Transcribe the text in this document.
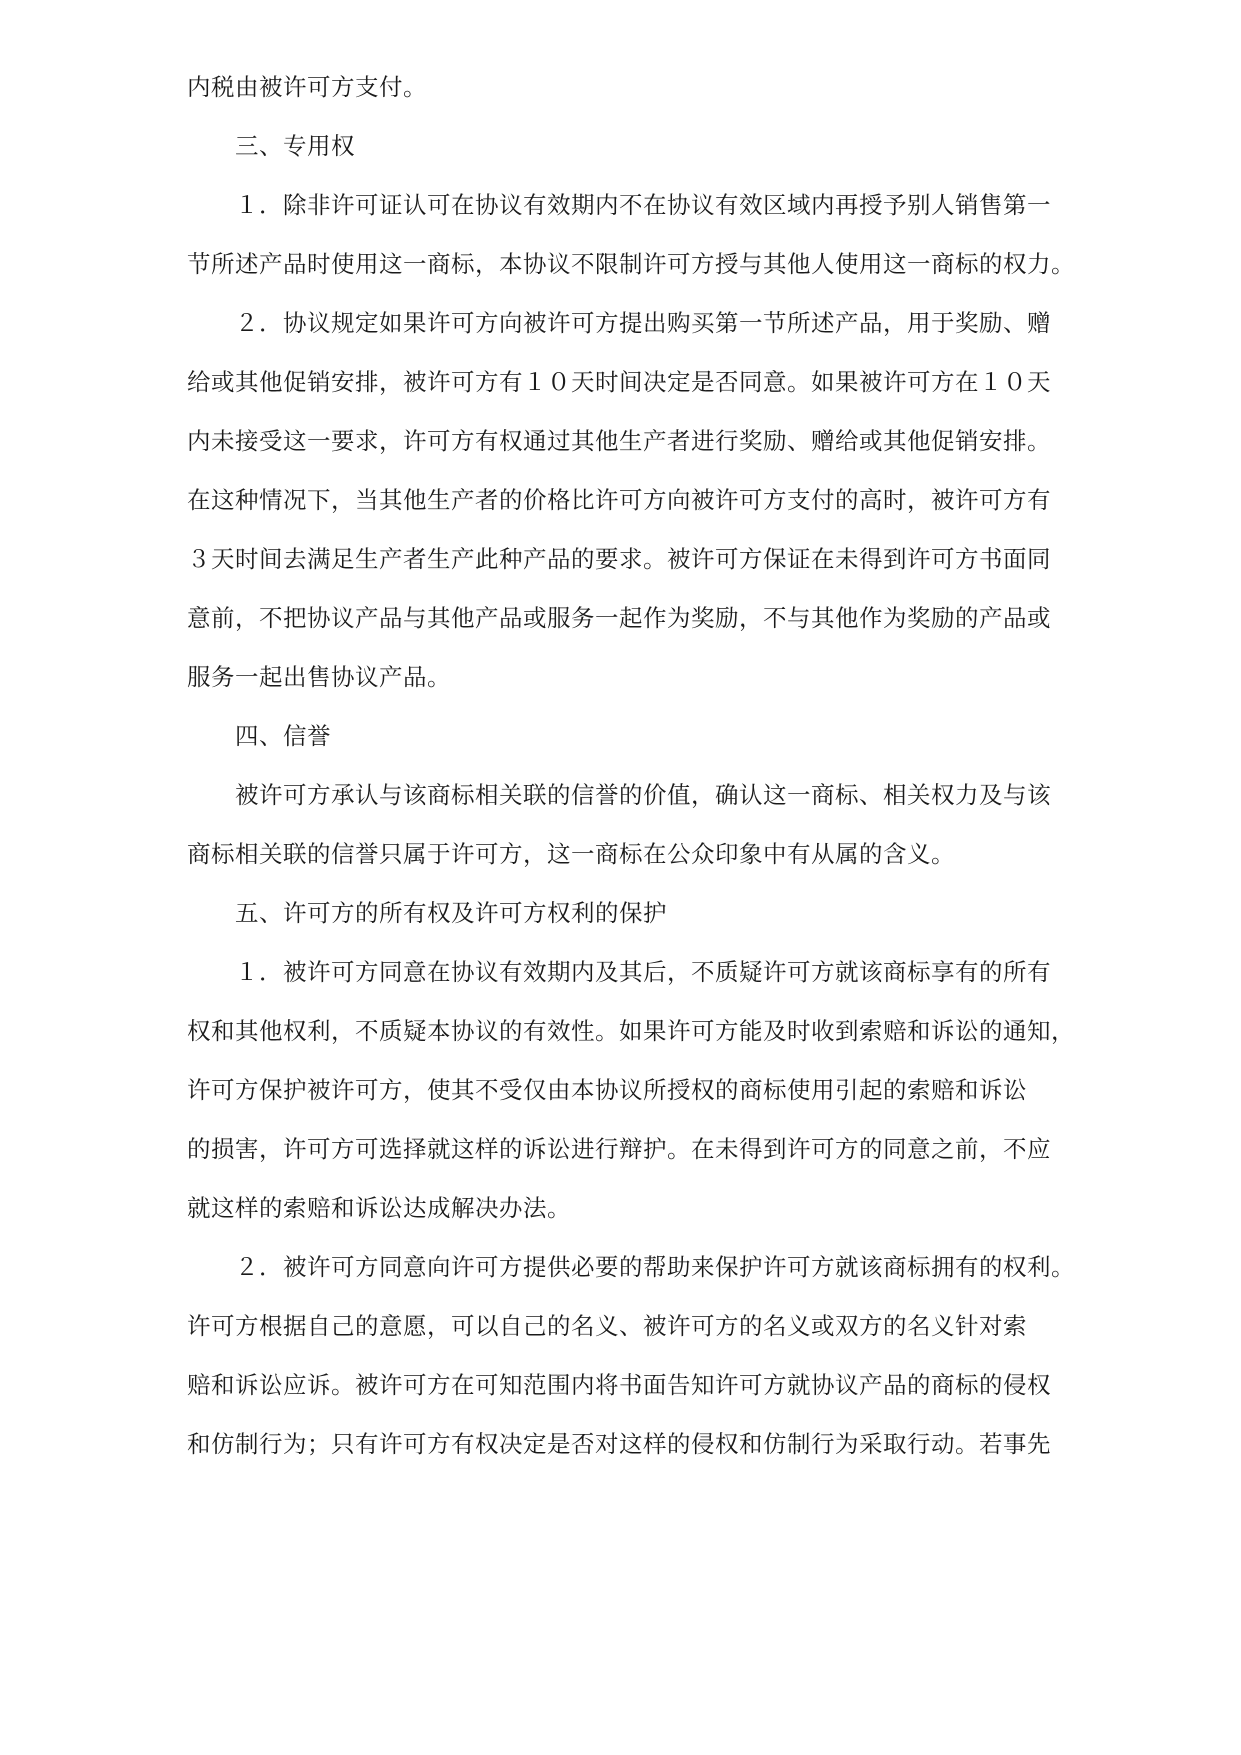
内税由被许可方支付。
　　三、专用权
　　１．除非许可证认可在协议有效期内不在协议有效区域内再授予别人销售第一
节所述产品时使用这一商标，本协议不限制许可方授与其他人使用这一商标的权力。
　　２．协议规定如果许可方向被许可方提出购买第一节所述产品，用于奖励、赠
给或其他促销安排，被许可方有１０天时间决定是否同意。如果被许可方在１０天
内未接受这一要求，许可方有权通过其他生产者进行奖励、赠给或其他促销安排。
在这种情况下，当其他生产者的价格比许可方向被许可方支付的高时，被许可方有
３天时间去满足生产者生产此种产品的要求。被许可方保证在未得到许可方书面同
意前，不把协议产品与其他产品或服务一起作为奖励，不与其他作为奖励的产品或
服务一起出售协议产品。
　　四、信誉
　　被许可方承认与该商标相关联的信誉的价值，确认这一商标、相关权力及与该
商标相关联的信誉只属于许可方，这一商标在公众印象中有从属的含义。
　　五、许可方的所有权及许可方权利的保护
　　１．被许可方同意在协议有效期内及其后，不质疑许可方就该商标享有的所有
权和其他权利，不质疑本协议的有效性。如果许可方能及时收到索赔和诉讼的通知，
许可方保护被许可方，使其不受仅由本协议所授权的商标使用引起的索赔和诉讼
的损害，许可方可选择就这样的诉讼进行辩护。在未得到许可方的同意之前，不应
就这样的索赔和诉讼达成解决办法。
　　２．被许可方同意向许可方提供必要的帮助来保护许可方就该商标拥有的权利。
许可方根据自己的意愿，可以自己的名义、被许可方的名义或双方的名义针对索
赔和诉讼应诉。被许可方在可知范围内将书面告知许可方就协议产品的商标的侵权
和仿制行为；只有许可方有权决定是否对这样的侵权和仿制行为采取行动。若事先
